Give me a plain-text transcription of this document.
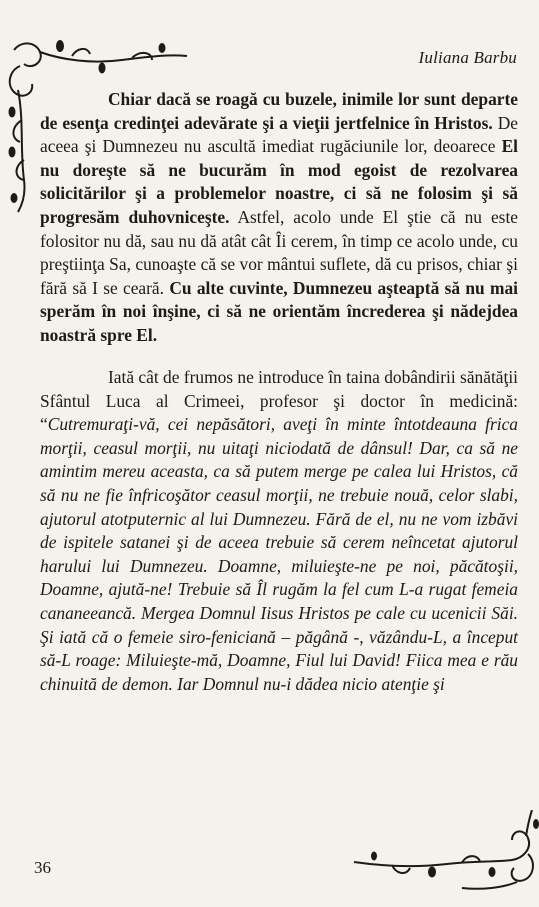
Iuliana Barbu
Chiar dacă se roagă cu buzele, inimile lor sunt departe de esenţa credinţei adevărate şi a vieţii jertfelnice în Hristos. De aceea şi Dumnezeu nu ascultă imediat rugăciunile lor, deoarece El nu doreşte să ne bucurăm în mod egoist de rezolvarea solicitărilor şi a problemelor noastre, ci să ne folosim şi să progresăm duhovniceşte. Astfel, acolo unde El ştie că nu este folositor nu dă, sau nu dă atât cât Îi cerem, în timp ce acolo unde, cu preştiinţa Sa, cunoaşte că se vor mântui suflete, dă cu prisos, chiar şi fără să I se ceară. Cu alte cuvinte, Dumnezeu aşteaptă să nu mai sperăm în noi înşine, ci să ne orientăm încrederea şi nădejdea noastră spre El.
Iată cât de frumos ne introduce în taina dobândirii sănătăţii Sfântul Luca al Crimeei, profesor şi doctor în medicină: “Cutremuraţi-vă, cei nepăsători, aveţi în minte întotdeauna frica morţii, ceasul morţii, nu uitaţi niciodată de dânsul! Dar, ca să ne amintim mereu aceasta, ca să putem merge pe calea lui Hristos, că să nu ne fie înfricoşător ceasul morţii, ne trebuie nouă, celor slabi, ajutorul atotputernic al lui Dumnezeu. Fără de el, nu ne vom izbăvi de ispitele satanei şi de aceea trebuie să cerem neîncetat ajutorul harului lui Dumnezeu. Doamne, miluieşte-ne pe noi, păcătoşii, Doamne, ajută-ne! Trebuie să Îl rugăm la fel cum L-a rugat femeia cananeeancă. Mergea Domnul Iisus Hristos pe cale cu ucenicii Săi. Şi iată că o femeie siro-feniciană – păgână -, văzându-L, a început să-L roage: Miluieşte-mă, Doamne, Fiul lui David! Fiica mea e rău chinuită de demon. Iar Domnul nu-i dădea nicio atenţie şi
36
